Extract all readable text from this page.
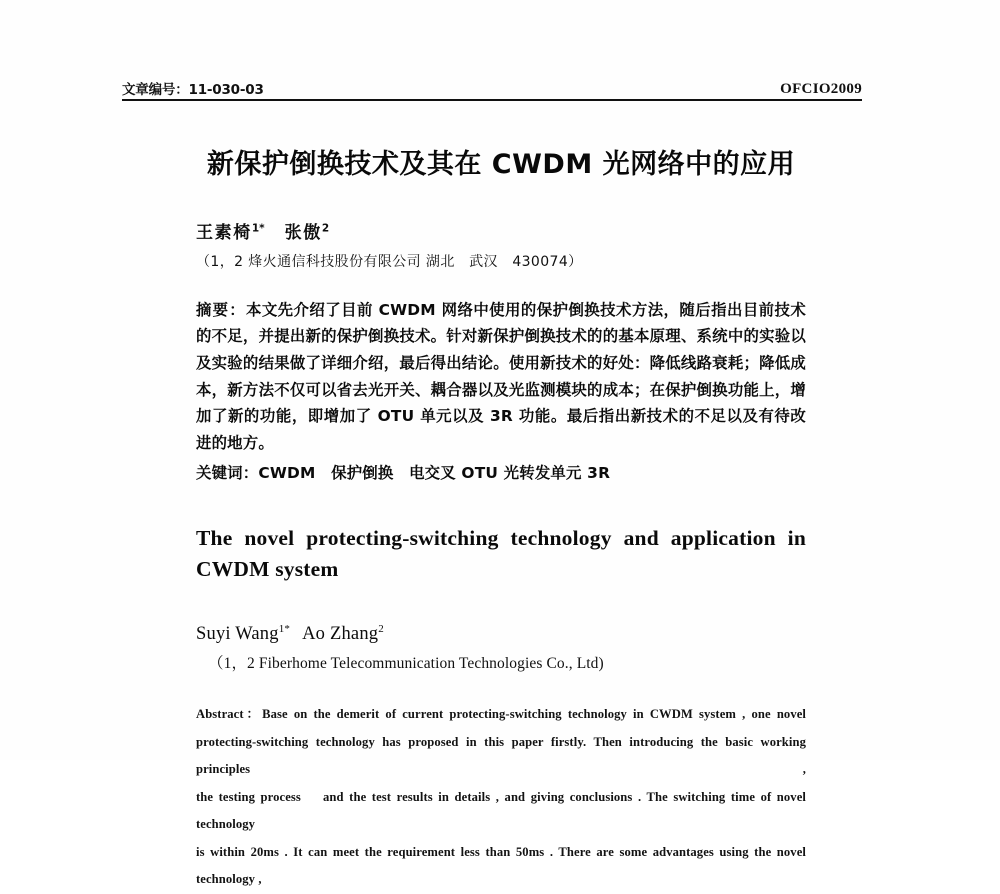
文章编号：11-030-03	OFCIO2009
新保护倒换技术及其在 CWDM 光网络中的应用
王素椅$^{1*}$ 张傲$^2$
（1，2 烽火通信科技股份有限公司 湖北　武汉　430074）

摘要：本文先介绍了目前 CWDM 网络中使用的保护倒换技术方法，随后指出目前技术的不足，并提出新的保护倒换技术。针对新保护倒换技术的的基本原理、系统中的实验以及实验的结果做了详细介绍，最后得出结论。使用新技术的好处：降低线路衰耗；降低成本，新方法不仅可以省去光开关、耦合器以及光监测模块的成本；在保护倒换功能上，增加了新的功能，即增加了 OTU 单元以及 3R 功能。最后指出新技术的不足以及有待改进的地方。

关键词：CWDM　保护倒换　电交叉 OTU 光转发单元 3R

The novel protecting-switching technology and application in
CWDM system
Suyi Wang$^{1*}$ Ao Zhang$^2$
（1，2 Fiberhome Telecommunication Technologies Co., Ltd)
Abstract：Base on the demerit of current protecting-switching technology in CWDM system , one novel
protecting-switching technology has proposed in this paper firstly. Then introducing the basic working    principles ,
the testing process    and the test results in details , and giving conclusions . The switching time of novel technology
is within 20ms . It can meet the requirement less than 50ms . There are some advantages using the novel technology ,
